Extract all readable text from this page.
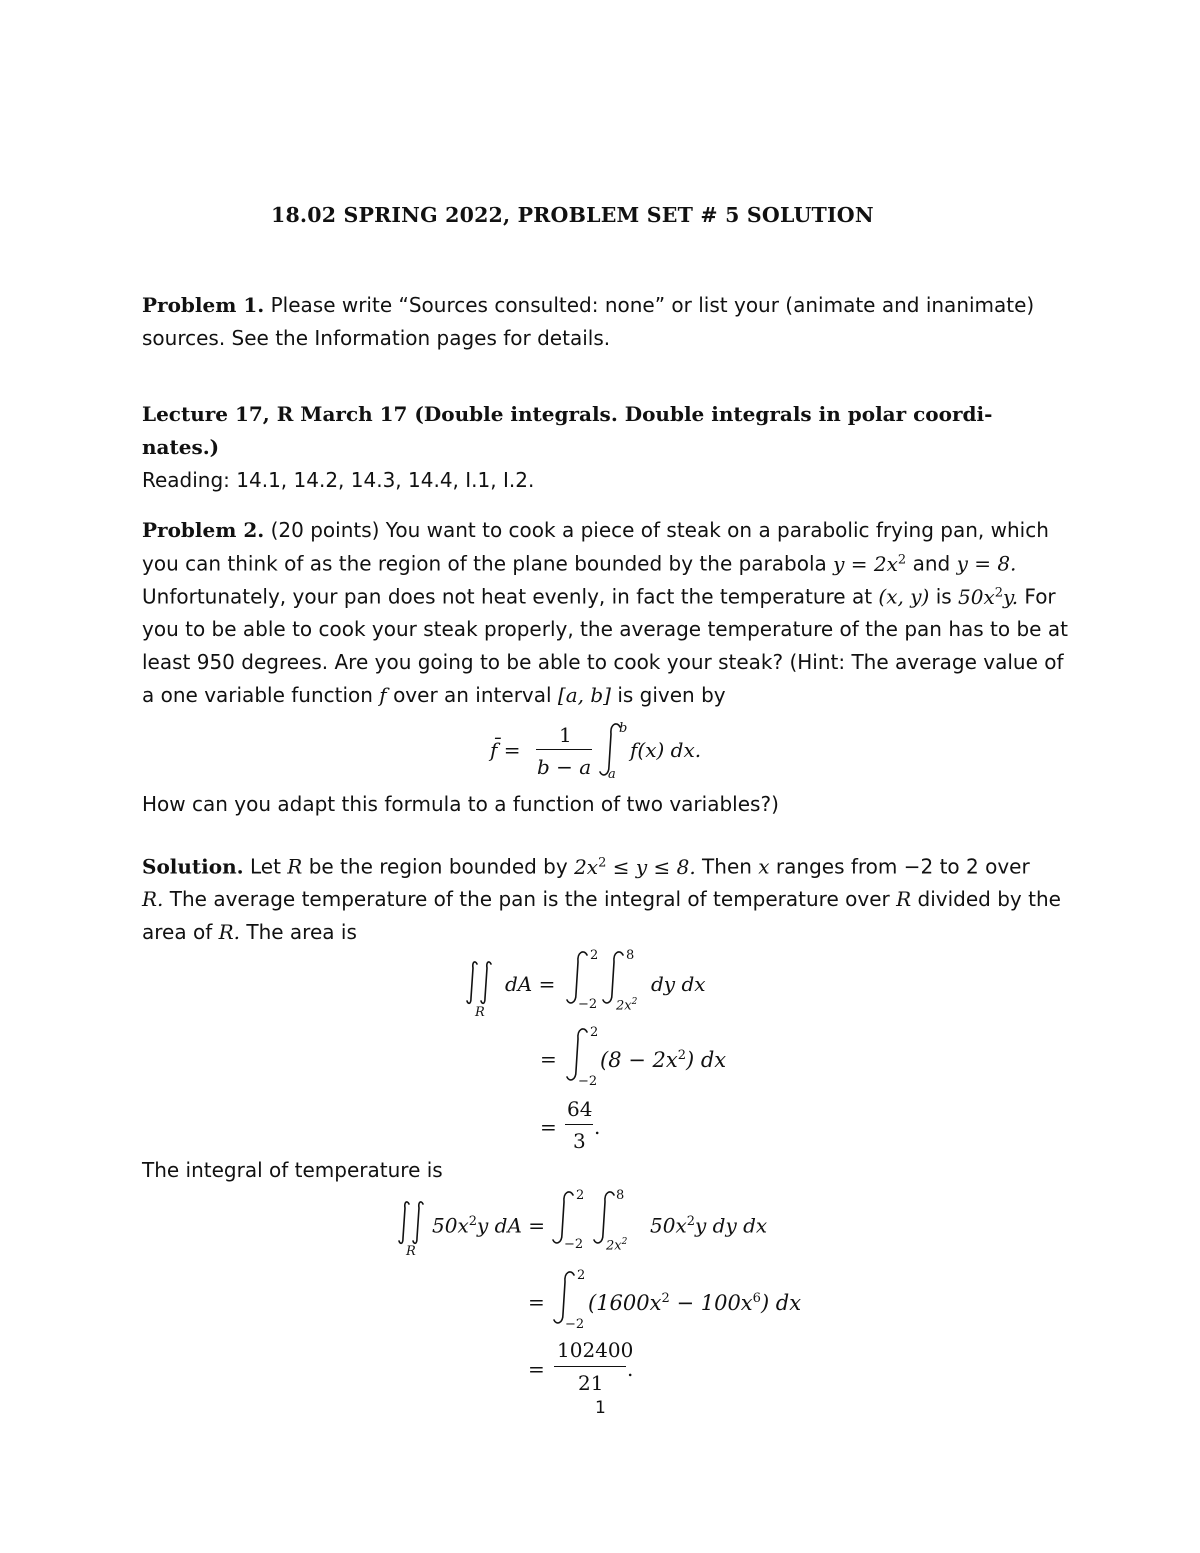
18.02 SPRING 2022, PROBLEM SET # 5 SOLUTION
Problem 1. Please write “Sources consulted: none” or list your (animate and inanimate)
sources. See the Information pages for details.
Lecture 17, R March 17 (Double integrals. Double integrals in polar coordi-
nates.)
Reading: 14.1, 14.2, 14.3, 14.4, I.1, I.2.
Problem 2. (20 points) You want to cook a piece of steak on a parabolic frying pan, which
you can think of as the region of the plane bounded by the parabola $y = 2x^2$ and y = 8.
Unfortunately, your pan does not heat evenly, in fact the temperature at (x, y) is $50x^2y$. For
you to be able to cook your steak properly, the average temperature of the pan has to be at
least 950 degrees. Are you going to be able to cook your steak? (Hint: The average value of
a one variable function f over an interval [a, b] is given by
f̄ =
1
b − a
b
a
f(x) dx.
How can you adapt this formula to a function of two variables?)
Solution. Let R be the region bounded by $2x^2 \le y \le 8$. Then x ranges from −2 to 2 over
R. The average temperature of the pan is the integral of temperature over R divided by the
area of R. The area is
R
dA =
2
−2
8
$2x^2$
dy dx
=
2
−2
$(8 - 2x^2)$ dx
=
64
3
.
The integral of temperature is
R
$50x^2y$ dA =
2
−2
8
$2x^2$
$50x^2y$ dy dx
=
2
−2
$(1600x^2 - 100x^6)$ dx
=
102400
21
.
1
